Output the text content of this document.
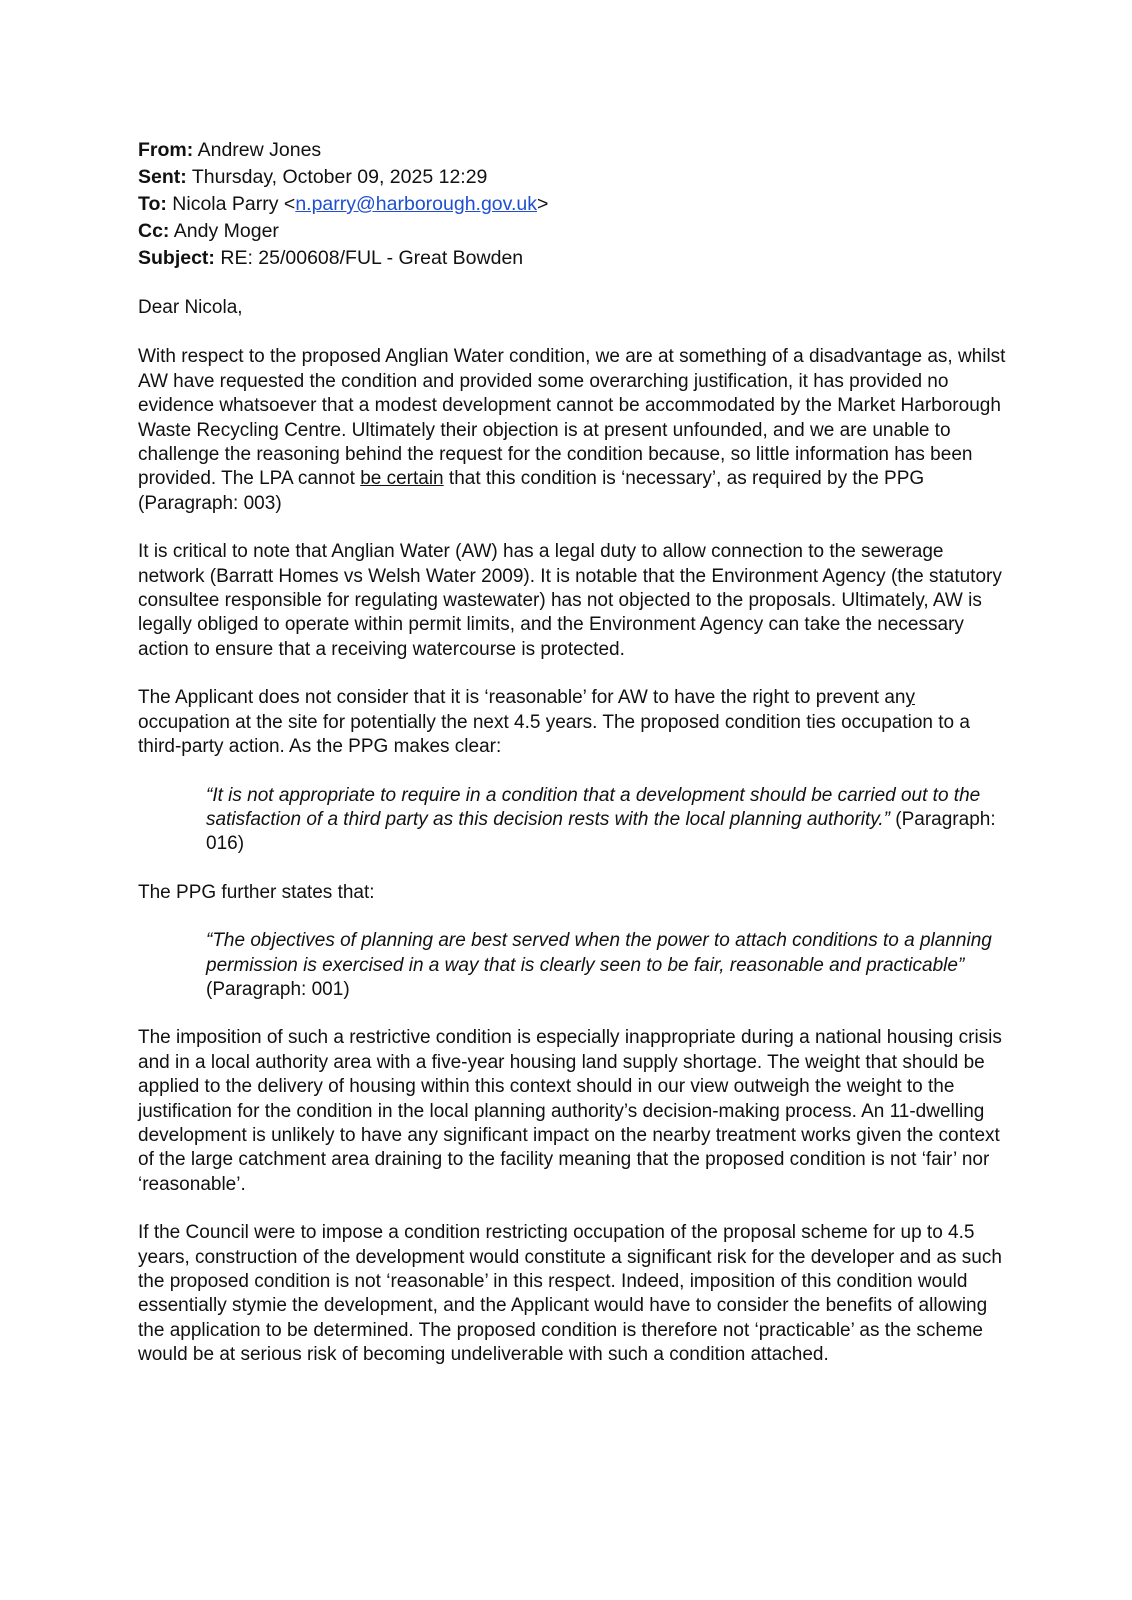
From: Andrew Jones
Sent: Thursday, October 09, 2025 12:29
To: Nicola Parry <n.parry@harborough.gov.uk>
Cc: Andy Moger
Subject: RE: 25/00608/FUL - Great Bowden

Dear Nicola,

With respect to the proposed Anglian Water condition, we are at something of a disadvantage as, whilst AW have requested the condition and provided some overarching justification, it has provided no evidence whatsoever that a modest development cannot be accommodated by the Market Harborough Waste Recycling Centre. Ultimately their objection is at present unfounded, and we are unable to challenge the reasoning behind the request for the condition because, so little information has been provided. The LPA cannot be certain that this condition is ‘necessary’, as required by the PPG (Paragraph: 003)

It is critical to note that Anglian Water (AW) has a legal duty to allow connection to the sewerage network (Barratt Homes vs Welsh Water 2009). It is notable that the Environment Agency (the statutory consultee responsible for regulating wastewater) has not objected to the proposals. Ultimately, AW is legally obliged to operate within permit limits, and the Environment Agency can take the necessary action to ensure that a receiving watercourse is protected.

The Applicant does not consider that it is ‘reasonable’ for AW to have the right to prevent any occupation at the site for potentially the next 4.5 years. The proposed condition ties occupation to a third-party action. As the PPG makes clear:

“It is not appropriate to require in a condition that a development should be carried out to the satisfaction of a third party as this decision rests with the local planning authority.” (Paragraph: 016)

The PPG further states that:

“The objectives of planning are best served when the power to attach conditions to a planning permission is exercised in a way that is clearly seen to be fair, reasonable and practicable” (Paragraph: 001)

The imposition of such a restrictive condition is especially inappropriate during a national housing crisis and in a local authority area with a five-year housing land supply shortage. The weight that should be applied to the delivery of housing within this context should in our view outweigh the weight to the justification for the condition in the local planning authority’s decision-making process. An 11-dwelling development is unlikely to have any significant impact on the nearby treatment works given the context of the large catchment area draining to the facility meaning that the proposed condition is not ‘fair’ nor ‘reasonable’.

If the Council were to impose a condition restricting occupation of the proposal scheme for up to 4.5 years, construction of the development would constitute a significant risk for the developer and as such the proposed condition is not ‘reasonable’ in this respect. Indeed, imposition of this condition would essentially stymie the development, and the Applicant would have to consider the benefits of allowing the application to be determined. The proposed condition is therefore not ‘practicable’ as the scheme would be at serious risk of becoming undeliverable with such a condition attached.
